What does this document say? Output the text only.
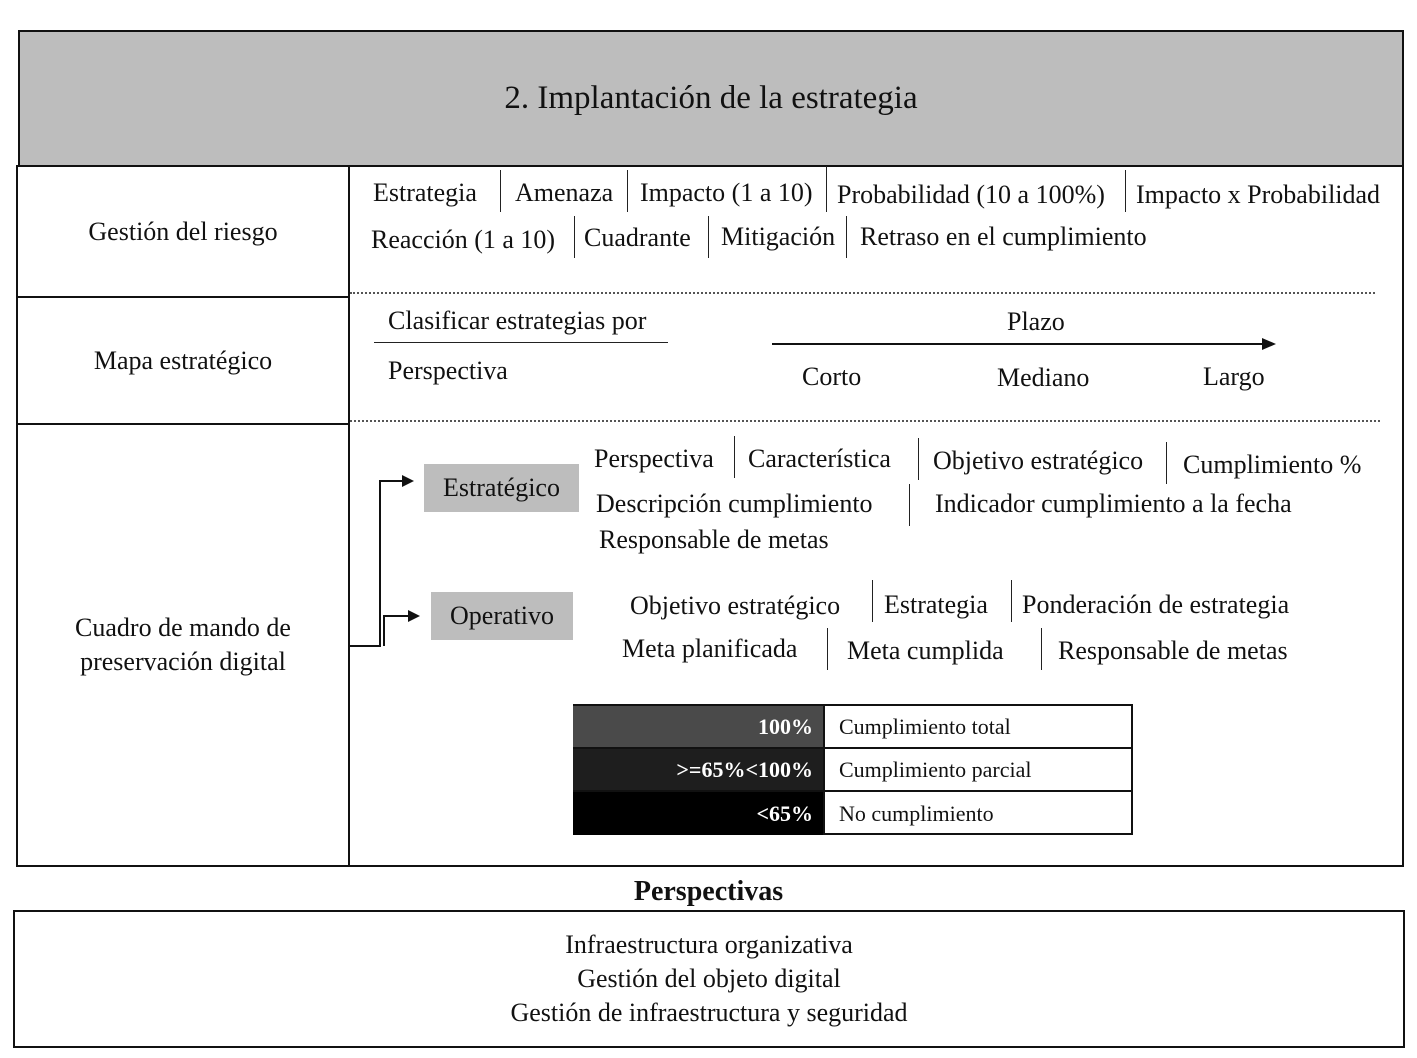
2. Implantación de la estrategia
Gestión del riesgo
Mapa estratégico
Cuadro de mando de
preservación digital
Estrategia Amenaza Impacto (1 a 10) Probabilidad (10 a 100%) Impacto x Probabilidad
Reacción (1 a 10) Cuadrante Mitigación Retraso en el cumplimiento
Clasificar estrategias por
Perspectiva
Plazo
Corto	Mediano	Largo
Estratégico
Perspectiva Característica Objetivo estratégico Cumplimiento %
Descripción cumplimiento Indicador cumplimiento a la fecha
Responsable de metas
Operativo	Objetivo estratégico Estrategia Ponderación de estrategia
Meta planificada Meta cumplida Responsable de metas
100%	Cumplimiento total
>=65%<100%	Cumplimiento parcial
<65%	No cumplimiento
Perspectivas
Infraestructura organizativa
Gestión del objeto digital
Gestión de infraestructura y seguridad
